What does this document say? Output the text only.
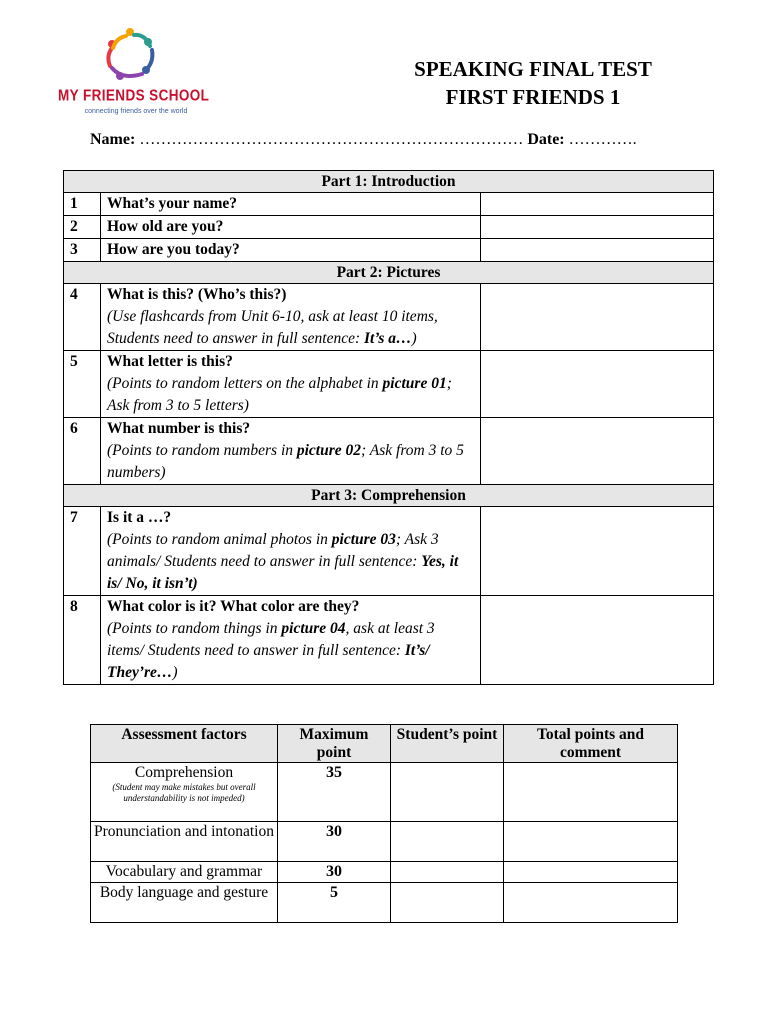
MY FRIENDS SCHOOL
connecting friends over the world
SPEAKING FINAL TEST
FIRST FRIENDS 1
Name: ……………………………………………………………… Date: ………….
Part 1: Introduction		
1	What’s your name?	
2	How old are you?	
3	How are you today?	
Part 2: Pictures		
4	What is this? (Who’s this?)
(Use flashcards from Unit 6-10, ask at least 10 items, Students need to answer in full sentence: It’s a…)	

5	What letter is this?
(Points to random letters on the alphabet in picture 01; Ask from 3 to 5 letters)	

6	What number is this?
(Points to random numbers in picture 02; Ask from 3 to 5 numbers)	

Part 3: Comprehension		
7	Is it a …?
(Points to random animal photos in picture 03; Ask 3 animals/ Students need to answer in full sentence: Yes, it is/ No, it isn’t)	

8	What color is it? What color are they?
(Points to random things in picture 04, ask at least 3 items/ Students need to answer in full sentence: It’s/ They’re…)	

Assessment factors	Maximum point	Student’s point	Total points and comment

Comprehension
(Student may make mistakes but overall understandability is not impeded)	35		
Pronunciation and intonation	30		
Vocabulary and grammar	30		
Body language and gesture	5		
